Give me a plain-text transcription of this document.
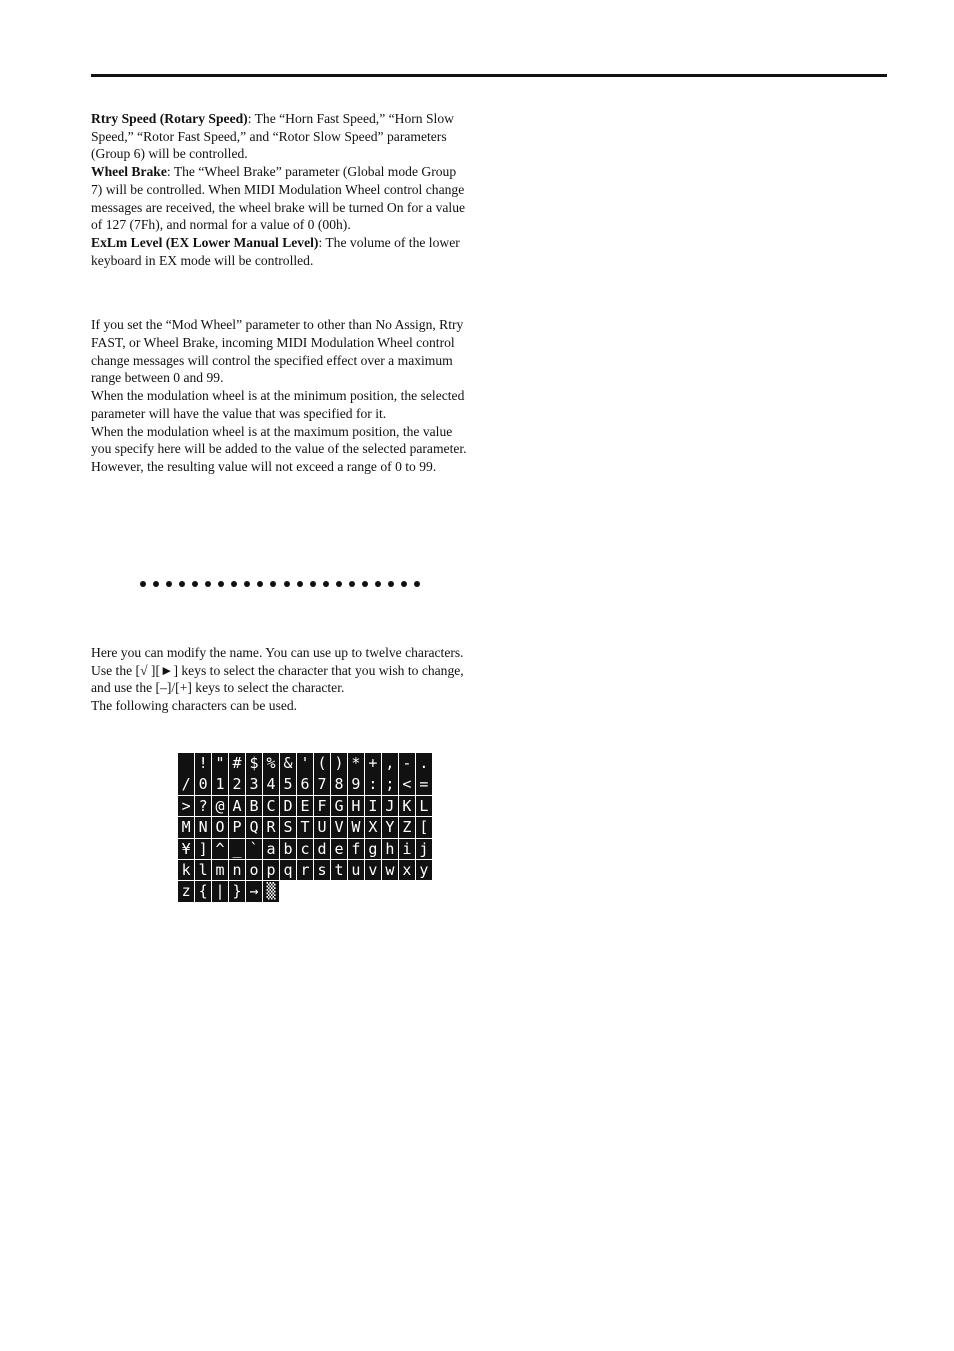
Rtry Speed (Rotary Speed): The “Horn Fast Speed,” “Horn Slow Speed,” “Rotor Fast Speed,” and “Rotor Slow Speed” parameters (Group 6) will be controlled.

Wheel Brake: The “Wheel Brake” parameter (Global mode Group 7) will be controlled. When MIDI Modulation Wheel control change messages are received, the wheel brake will be turned On for a value of 127 (7Fh), and normal for a value of 0 (00h).

ExLm Level (EX Lower Manual Level): The volume of the lower keyboard in EX mode will be controlled.

If you set the “Mod Wheel” parameter to other than No Assign, Rtry FAST, or Wheel Brake, incoming MIDI Modulation Wheel control change messages will control the specified effect over a maximum range between 0 and 99.

When the modulation wheel is at the minimum position, the selected parameter will have the value that was specified for it.

When the modulation wheel is at the maximum position, the value you specify here will be added to the value of the selected parameter. However, the resulting value will not exceed a range of 0 to 99.

Here you can modify the name. You can use up to twelve characters.

Use the [√ ][►] keys to select the character that you wish to change, and use the [–]/[+] keys to select the character.

The following characters can be used.

! " # $ % & ' ( ) * + , - .
/ 0 1 2 3 4 5 6 7 8 9 : ; < =
> ? @ A B C D E F G H I J K L
M N O P Q R S T U V W X Y Z [
¥ ] ^ _ ` a b c d e f g h i j
k l m n o p q r s t u v w x y
z { | } → ▒
